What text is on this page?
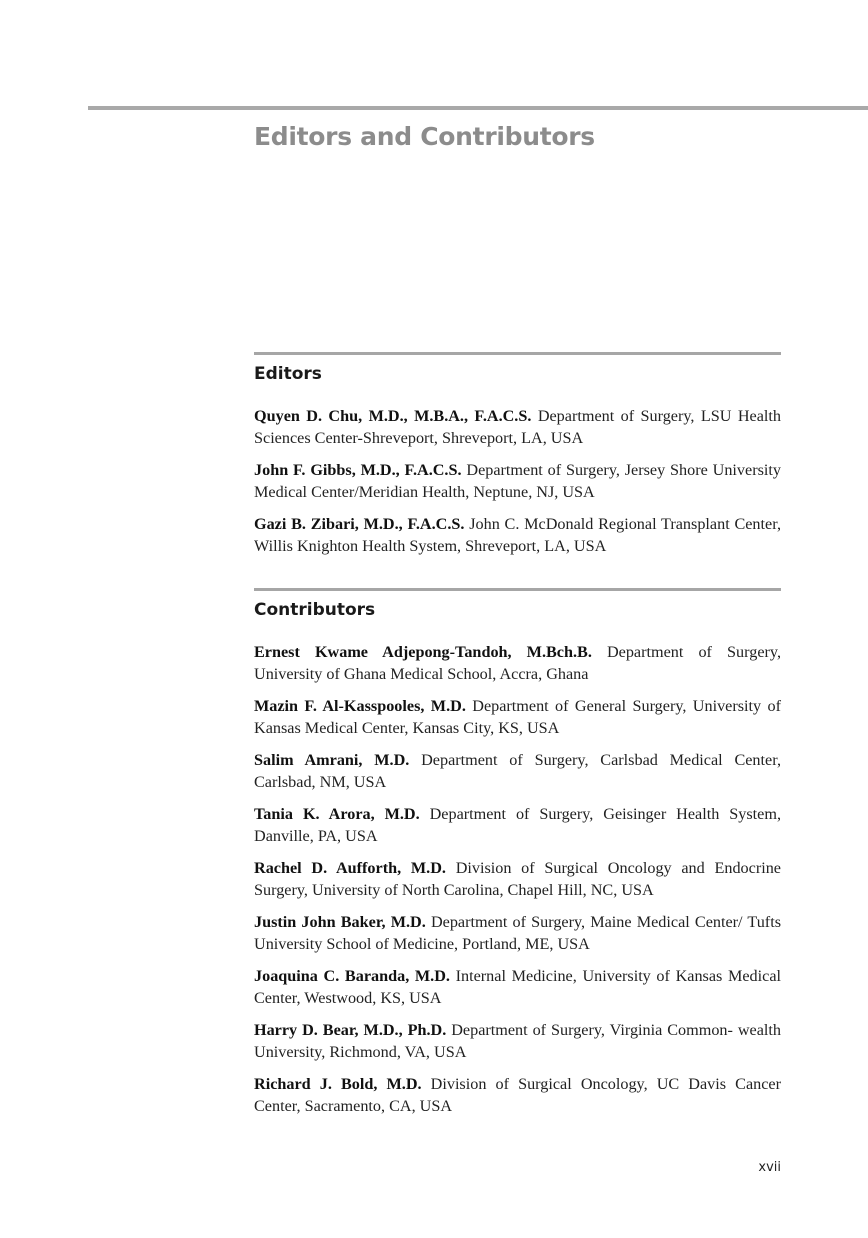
Editors and Contributors
Editors

Quyen D. Chu, M.D., M.B.A., F.A.C.S. Department of Surgery, LSU Health Sciences Center-Shreveport, Shreveport, LA, USA

John F. Gibbs, M.D., F.A.C.S. Department of Surgery, Jersey Shore University Medical Center/Meridian Health, Neptune, NJ, USA

Gazi B. Zibari, M.D., F.A.C.S. John C. McDonald Regional Transplant Center, Willis Knighton Health System, Shreveport, LA, USA

Contributors

Ernest Kwame Adjepong-Tandoh, M.Bch.B. Department of Surgery, University of Ghana Medical School, Accra, Ghana

Mazin F. Al-Kasspooles, M.D. Department of General Surgery, University of Kansas Medical Center, Kansas City, KS, USA

Salim Amrani, M.D. Department of Surgery, Carlsbad Medical Center, Carlsbad, NM, USA

Tania K. Arora, M.D. Department of Surgery, Geisinger Health System, Danville, PA, USA

Rachel D. Aufforth, M.D. Division of Surgical Oncology and Endocrine Surgery, University of North Carolina, Chapel Hill, NC, USA

Justin John Baker, M.D. Department of Surgery, Maine Medical Center/ Tufts University School of Medicine, Portland, ME, USA

Joaquina C. Baranda, M.D. Internal Medicine, University of Kansas Medical Center, Westwood, KS, USA

Harry D. Bear, M.D., Ph.D. Department of Surgery, Virginia Common- wealth University, Richmond, VA, USA

Richard J. Bold, M.D. Division of Surgical Oncology, UC Davis Cancer Center, Sacramento, CA, USA

xvii
